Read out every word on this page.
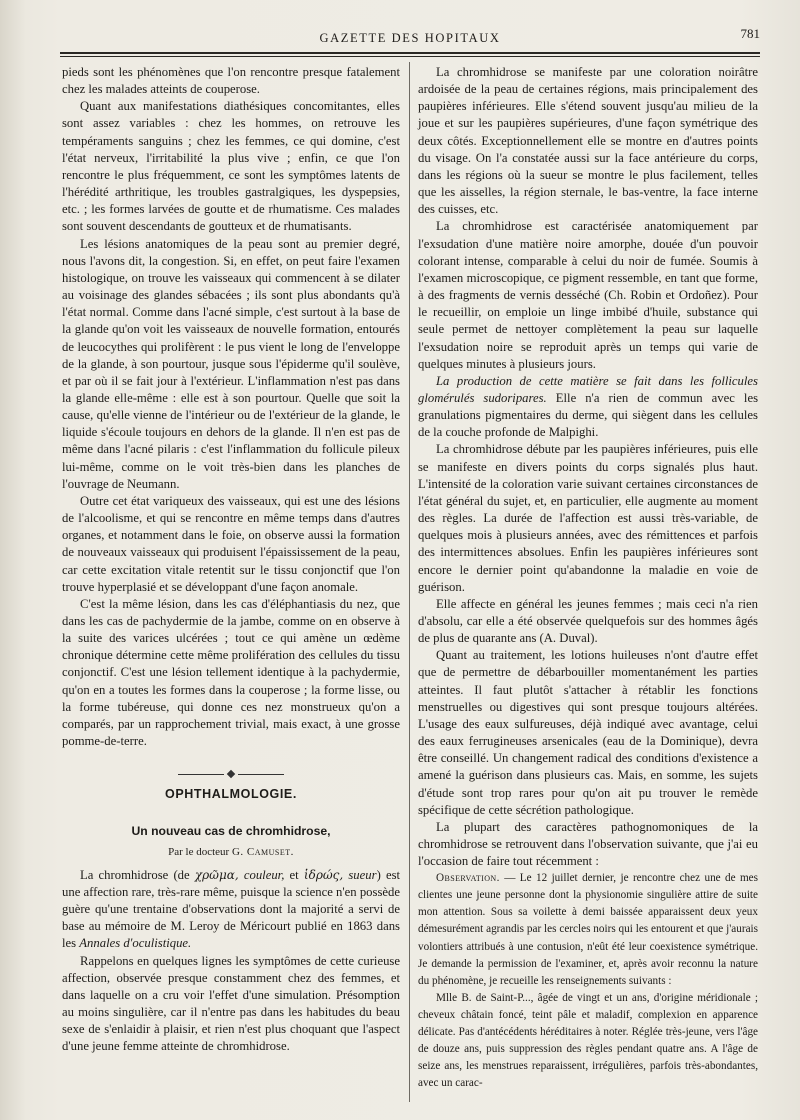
GAZETTE DES HOPITAUX	781

pieds sont les phénomènes que l'on rencontre presque fatalement chez les malades atteints de couperose.

Quant aux manifestations diathésiques concomitantes, elles sont assez variables : chez les hommes, on retrouve les tempéraments sanguins ; chez les femmes, ce qui domine, c'est l'état nerveux, l'irritabilité la plus vive ; enfin, ce que l'on rencontre le plus fréquemment, ce sont les symptômes latents de l'hérédité arthritique, les troubles gastralgiques, les dyspepsies, etc. ; les formes larvées de goutte et de rhumatisme. Ces malades sont souvent descendants de goutteux et de rhumatisants.

Les lésions anatomiques de la peau sont au premier degré, nous l'avons dit, la congestion. Si, en effet, on peut faire l'examen histologique, on trouve les vaisseaux qui commencent à se dilater au voisinage des glandes sébacées ; ils sont plus abondants qu'à l'état normal. Comme dans l'acné simple, c'est surtout à la base de la glande qu'on voit les vaisseaux de nouvelle formation, entourés de leucocythes qui prolifèrent : le pus vient le long de l'enveloppe de la glande, à son pourtour, jusque sous l'épiderme qu'il soulève, et par où il se fait jour à l'extérieur. L'inflammation n'est pas dans la glande elle-même : elle est à son pourtour. Quelle que soit la cause, qu'elle vienne de l'intérieur ou de l'extérieur de la glande, le liquide s'écoule toujours en dehors de la glande. Il n'en est pas de même dans l'acné pilaris : c'est l'inflammation du follicule pileux lui-même, comme on le voit très-bien dans les planches de l'ouvrage de Neumann.

Outre cet état variqueux des vaisseaux, qui est une des lésions de l'alcoolisme, et qui se rencontre en même temps dans d'autres organes, et notamment dans le foie, on observe aussi la formation de nouveaux vaisseaux qui produisent l'épaississement de la peau, car cette excitation vitale retentit sur le tissu conjonctif que l'on trouve hyperplasié et se développant d'une façon anomale.

C'est la même lésion, dans les cas d'éléphantiasis du nez, que dans les cas de pachydermie de la jambe, comme on en observe à la suite des varices ulcérées ; tout ce qui amène un œdème chronique détermine cette même prolifération des cellules du tissu conjonctif. C'est une lésion tellement identique à la pachydermie, qu'on en a toutes les formes dans la couperose ; la forme lisse, ou la forme tubéreuse, qui donne ces nez monstrueux qu'on a comparés, par un rapprochement trivial, mais exact, à une grosse pomme-de-terre.

OPHTHALMOLOGIE.
Un nouveau cas de chromhidrose,
Par le docteur G. Camuset.

La chromhidrose (de χρῶμα, couleur, et ἱδρώς, sueur) est une affection rare, très-rare même, puisque la science n'en possède guère qu'une trentaine d'observations dont la majorité a servi de base au mémoire de M. Leroy de Méricourt publié en 1863 dans les Annales d'oculistique.

Rappelons en quelques lignes les symptômes de cette curieuse affection, observée presque constamment chez des femmes, et dans laquelle on a cru voir l'effet d'une simulation. Présomption au moins singulière, car il n'entre pas dans les habitudes du beau sexe de s'enlaidir à plaisir, et rien n'est plus choquant que l'aspect d'une jeune femme atteinte de chromhidrose.

La chromhidrose se manifeste par une coloration noirâtre ardoisée de la peau de certaines régions, mais principalement des paupières inférieures. Elle s'étend souvent jusqu'au milieu de la joue et sur les paupières supérieures, d'une façon symétrique des deux côtés. Exceptionnellement elle se montre en d'autres points du visage. On l'a constatée aussi sur la face antérieure du corps, dans les régions où la sueur se montre le plus facilement, telles que les aisselles, la région sternale, le bas-ventre, la face interne des cuisses, etc.

La chromhidrose est caractérisée anatomiquement par l'exsudation d'une matière noire amorphe, douée d'un pouvoir colorant intense, comparable à celui du noir de fumée. Soumis à l'examen microscopique, ce pigment ressemble, en tant que forme, à des fragments de vernis desséché (Ch. Robin et Ordoñez). Pour le recueillir, on emploie un linge imbibé d'huile, substance qui seule permet de nettoyer complètement la peau sur laquelle l'exsudation noire se reproduit après un temps qui varie de quelques minutes à plusieurs jours.

La production de cette matière se fait dans les follicules glomérulés sudoripares. Elle n'a rien de commun avec les granulations pigmentaires du derme, qui siègent dans les cellules de la couche profonde de Malpighi.

La chromhidrose débute par les paupières inférieures, puis elle se manifeste en divers points du corps signalés plus haut. L'intensité de la coloration varie suivant certaines circonstances de l'état général du sujet, et, en particulier, elle augmente au moment des règles. La durée de l'affection est aussi très-variable, de quelques mois à plusieurs années, avec des rémittences et parfois des intermittences absolues. Enfin les paupières inférieures sont encore le dernier point qu'abandonne la maladie en voie de guérison.

Elle affecte en général les jeunes femmes ; mais ceci n'a rien d'absolu, car elle a été observée quelquefois sur des hommes âgés de plus de quarante ans (A. Duval).

Quant au traitement, les lotions huileuses n'ont d'autre effet que de permettre de débarbouiller momentanément les parties atteintes. Il faut plutôt s'attacher à rétablir les fonctions menstruelles ou digestives qui sont presque toujours altérées. L'usage des eaux sulfureuses, déjà indiqué avec avantage, celui des eaux ferrugineuses arsenicales (eau de la Dominique), devra être conseillé. Un changement radical des conditions d'existence a amené la guérison dans plusieurs cas. Mais, en somme, les sujets d'étude sont trop rares pour qu'on ait pu trouver le remède spécifique de cette sécrétion pathologique.

La plupart des caractères pathognomoniques de la chromhidrose se retrouvent dans l'observation suivante, que j'ai eu l'occasion de faire tout récemment :

Observation. — Le 12 juillet dernier, je rencontre chez une de mes clientes une jeune personne dont la physionomie singulière attire de suite mon attention. Sous sa voilette à demi baissée apparaissent deux yeux démesurément agrandis par les cercles noirs qui les entourent et que j'aurais volontiers attribués à une contusion, n'eût été leur coexistence symétrique. Je demande la permission de l'examiner, et, après avoir reconnu la nature du phénomène, je recueille les renseignements suivants :

Mlle B. de Saint-P..., âgée de vingt et un ans, d'origine méridionale ; cheveux châtain foncé, teint pâle et maladif, complexion en apparence délicate. Pas d'antécédents héréditaires à noter. Réglée très-jeune, vers l'âge de douze ans, puis suppression des règles pendant quatre ans. A l'âge de seize ans, les menstrues reparaissent, irrégulières, parfois très-abondantes, avec un carac-
